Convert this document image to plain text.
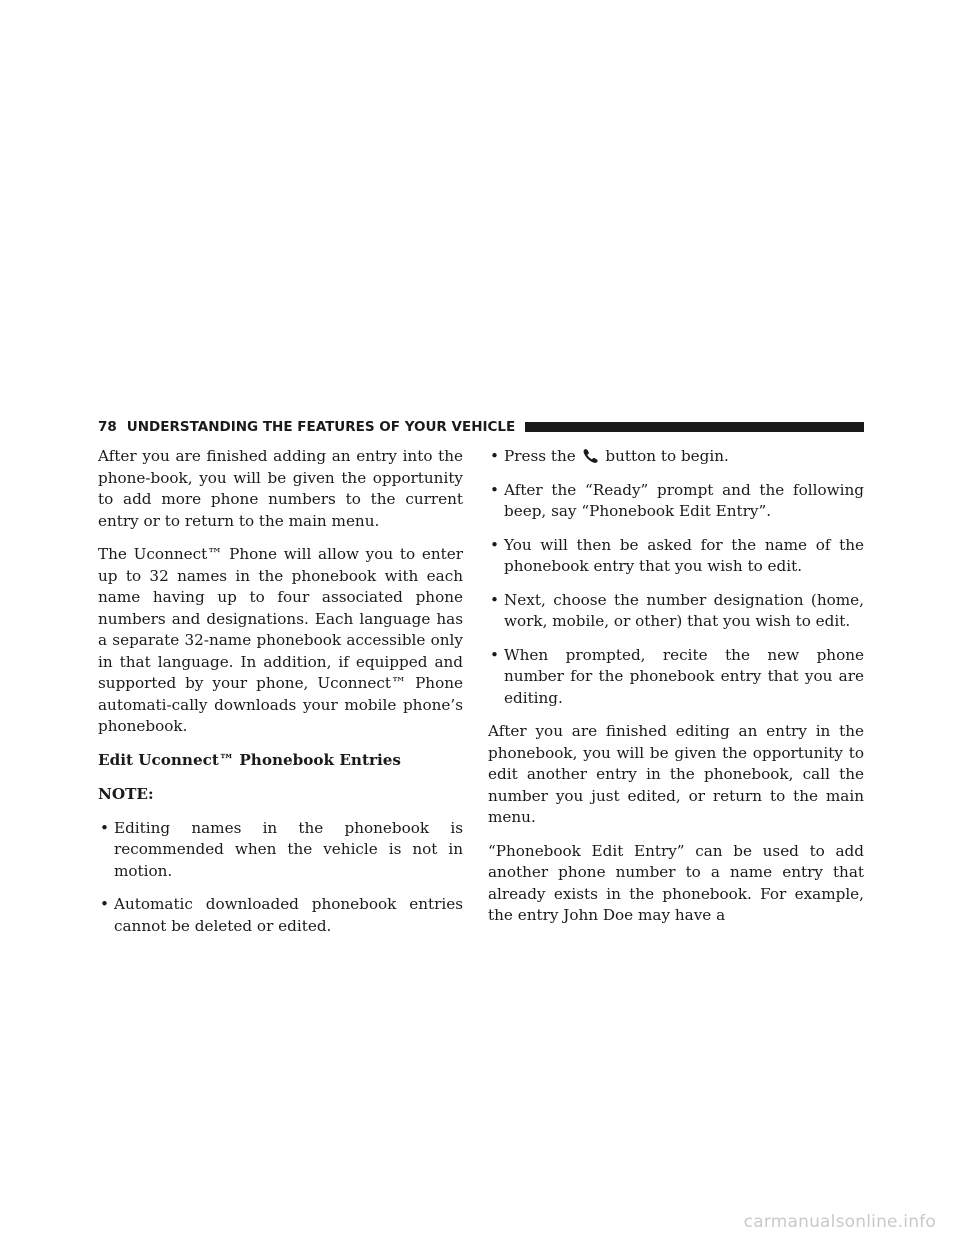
78 UNDERSTANDING THE FEATURES OF YOUR VEHICLE

After you are finished adding an entry into the phone-book, you will be given the opportunity to add more phone numbers to the current entry or to return to the main menu.

The Uconnect™ Phone will allow you to enter up to 32 names in the phonebook with each name having up to four associated phone numbers and designations. Each language has a separate 32-name phonebook accessible only in that language. In addition, if equipped and supported by your phone, Uconnect™ Phone automati-cally downloads your mobile phone’s phonebook.

Edit Uconnect™ Phonebook Entries
NOTE:
• Editing names in the phonebook is recommended when the vehicle is not in motion.
• Automatic downloaded phonebook entries cannot be deleted or edited.
• Press the button to begin.
• After the “Ready” prompt and the following beep, say “Phonebook Edit Entry”.
• You will then be asked for the name of the phonebook entry that you wish to edit.
• Next, choose the number designation (home, work, mobile, or other) that you wish to edit.
• When prompted, recite the new phone number for the phonebook entry that you are editing.

After you are finished editing an entry in the phonebook, you will be given the opportunity to edit another entry in the phonebook, call the number you just edited, or return to the main menu.

“Phonebook Edit Entry” can be used to add another phone number to a name entry that already exists in the phonebook. For example, the entry John Doe may have a

carmanualsonline.info
